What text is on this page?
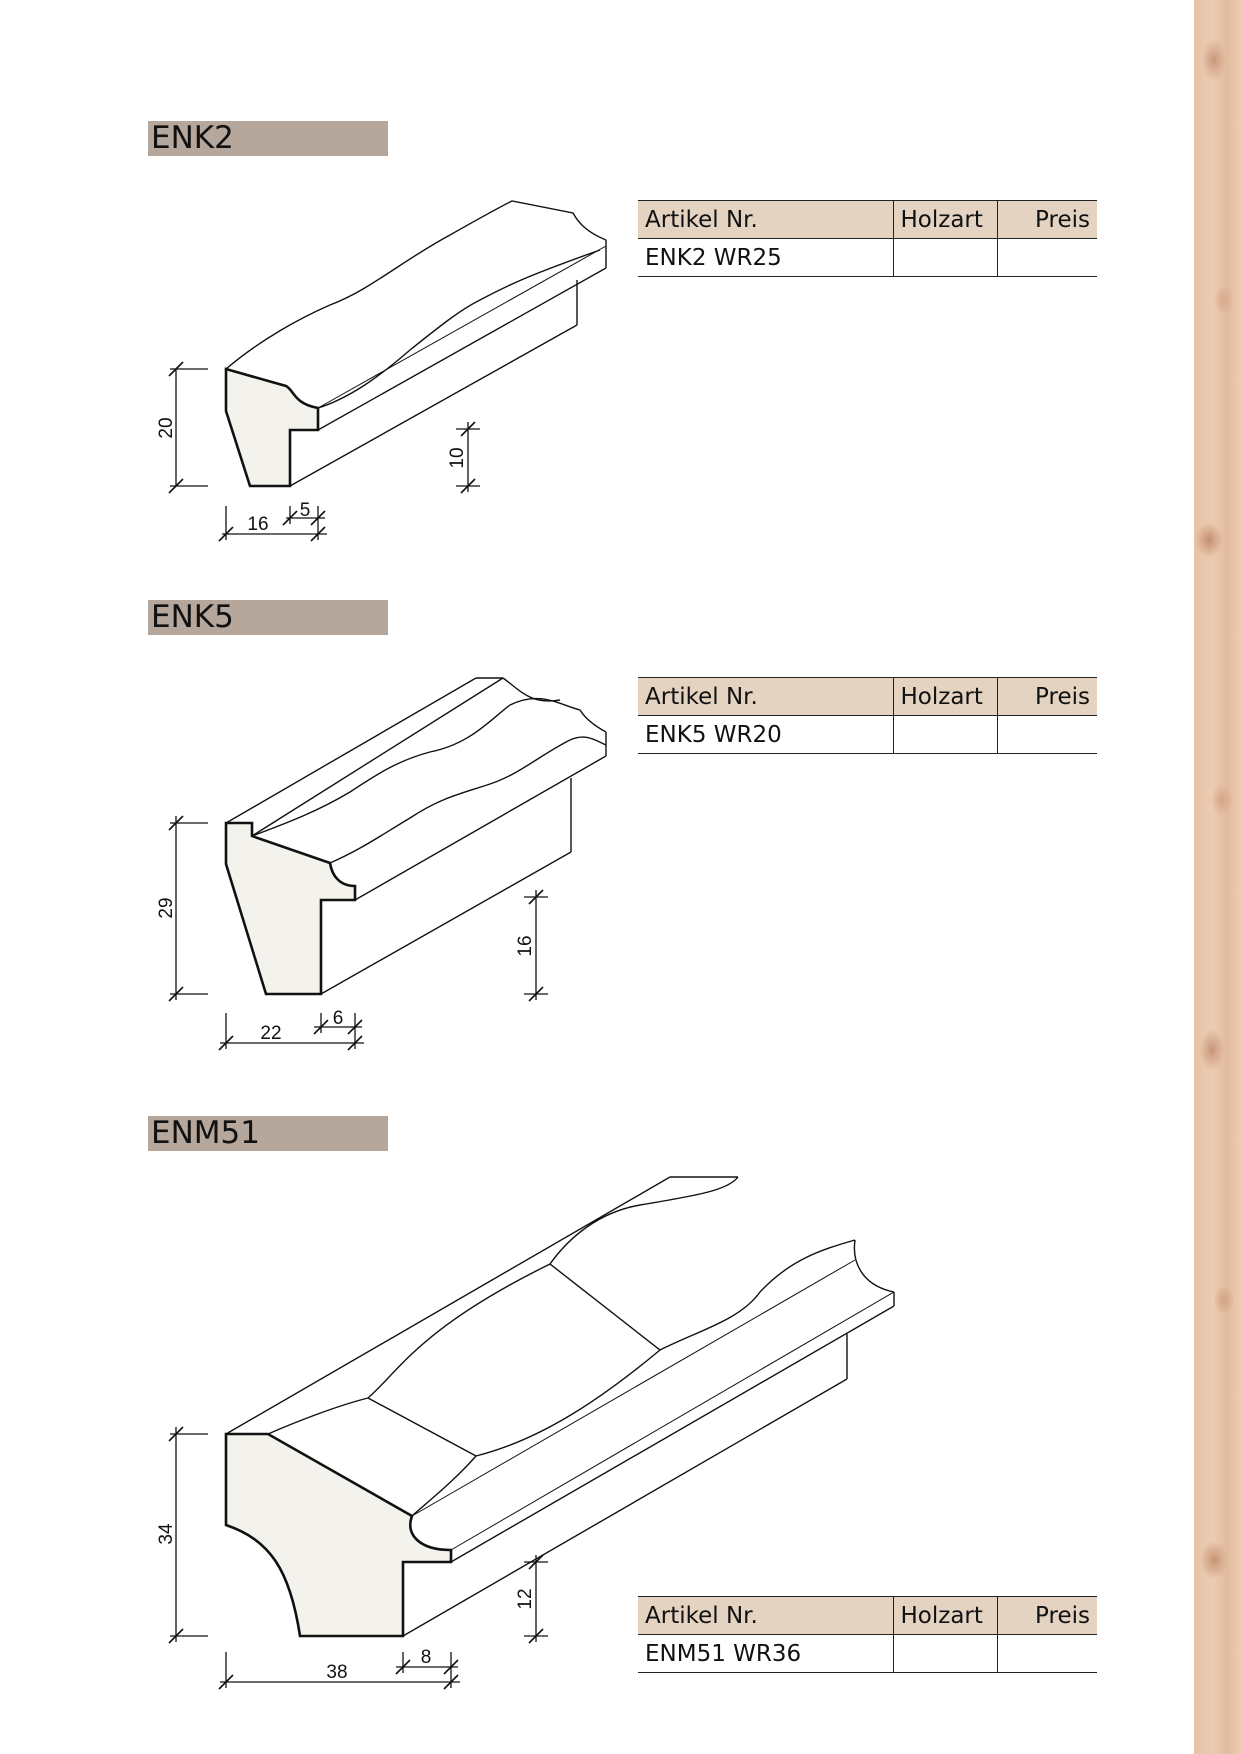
ENK2
ENK5
ENM51
Artikel Nr.	Holzart	Preis
ENK2 WR25		
Artikel Nr.	Holzart	Preis
ENK5 WR20		
Artikel Nr.	Holzart	Preis
ENM51 WR36		
20
10
16
5
29
16
22
6
34
12
38
8
